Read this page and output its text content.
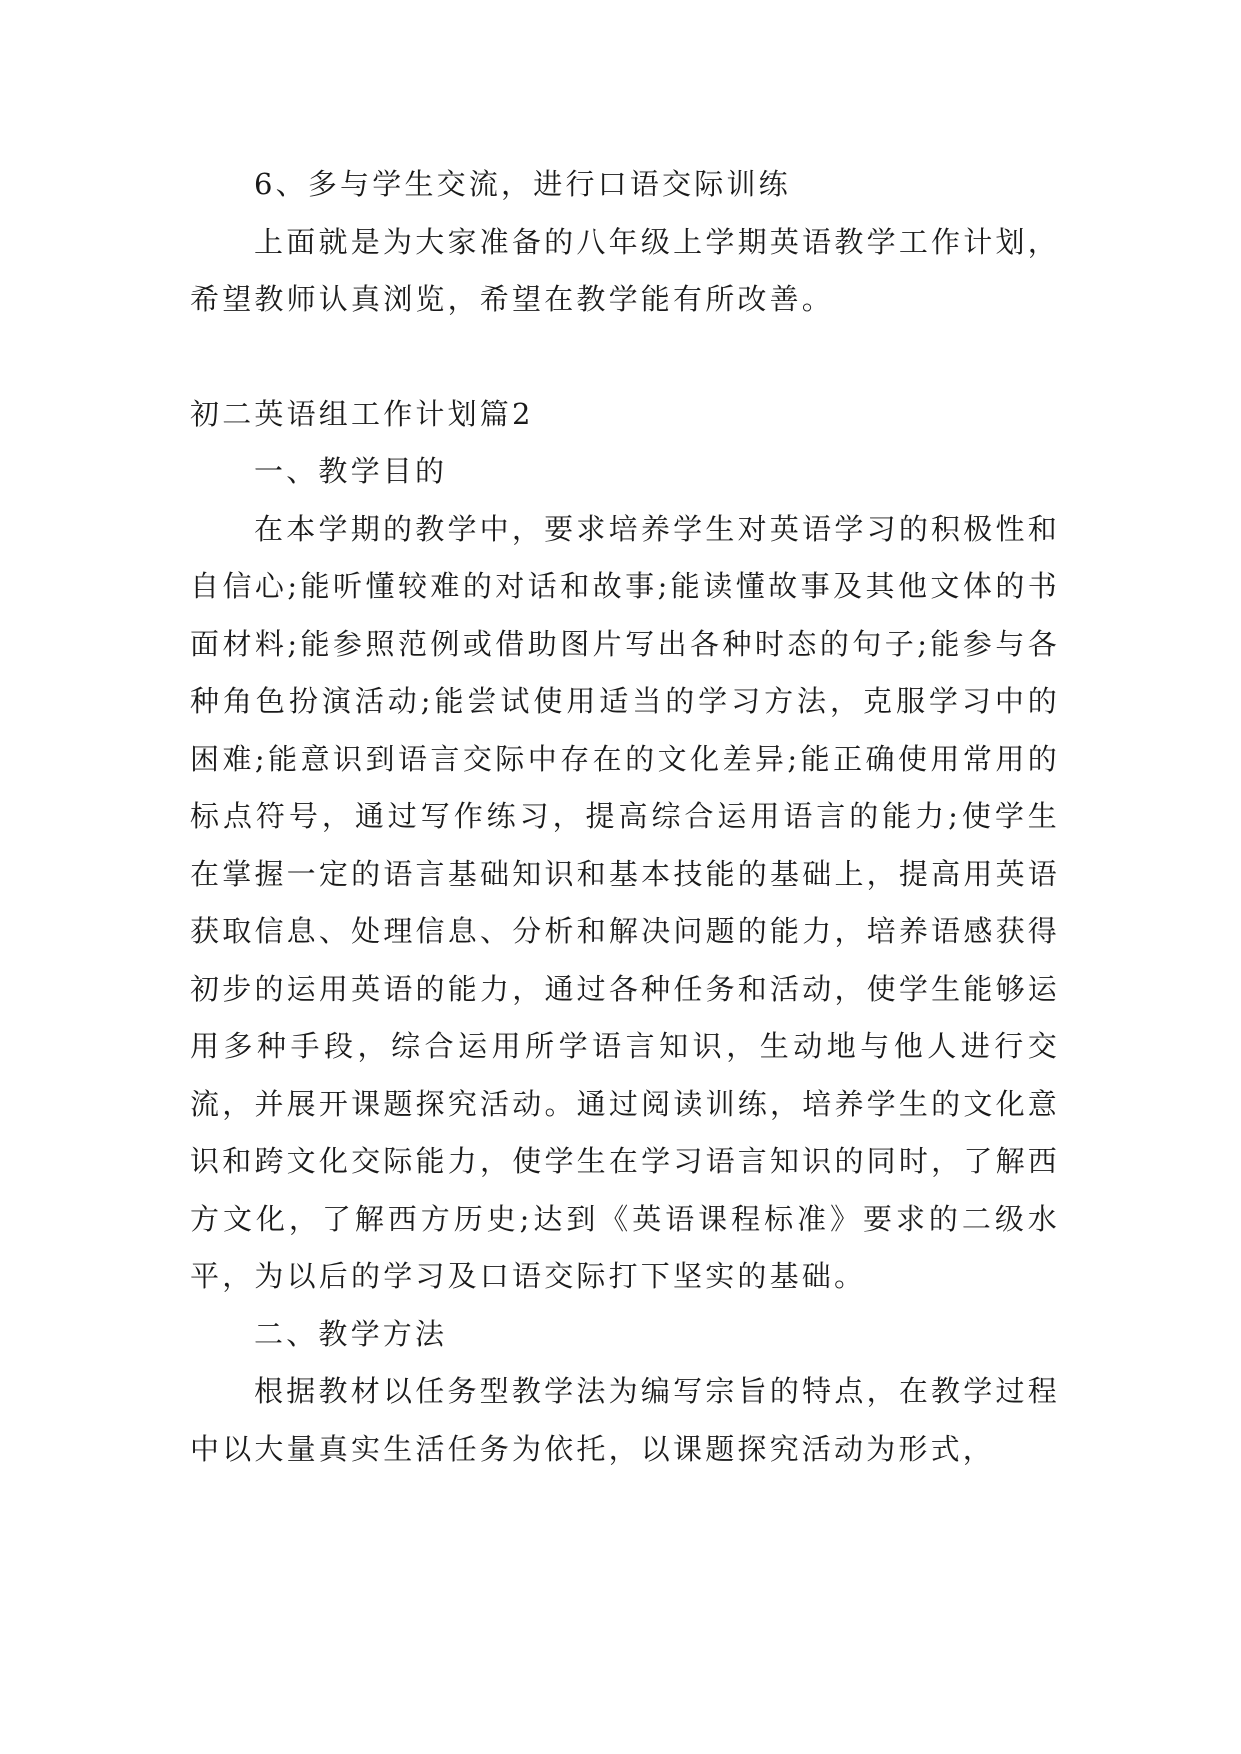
6、多与学生交流，进行口语交际训练

上面就是为大家准备的八年级上学期英语教学工作计划，希望教师认真浏览，希望在教学能有所改善。

初二英语组工作计划篇2

一、教学目的

在本学期的教学中，要求培养学生对英语学习的积极性和自信心;能听懂较难的对话和故事;能读懂故事及其他文体的书面材料;能参照范例或借助图片写出各种时态的句子;能参与各种角色扮演活动;能尝试使用适当的学习方法，克服学习中的困难;能意识到语言交际中存在的文化差异;能正确使用常用的标点符号，通过写作练习，提高综合运用语言的能力;使学生在掌握一定的语言基础知识和基本技能的基础上，提高用英语获取信息、处理信息、分析和解决问题的能力，培养语感获得初步的运用英语的能力，通过各种任务和活动，使学生能够运用多种手段，综合运用所学语言知识，生动地与他人进行交流，并展开课题探究活动。通过阅读训练，培养学生的文化意识和跨文化交际能力，使学生在学习语言知识的同时，了解西方文化，了解西方历史;达到《英语课程标准》要求的二级水平，为以后的学习及口语交际打下坚实的基础。

二、教学方法

根据教材以任务型教学法为编写宗旨的特点，在教学过程中以大量真实生活任务为依托，以课题探究活动为形式，
